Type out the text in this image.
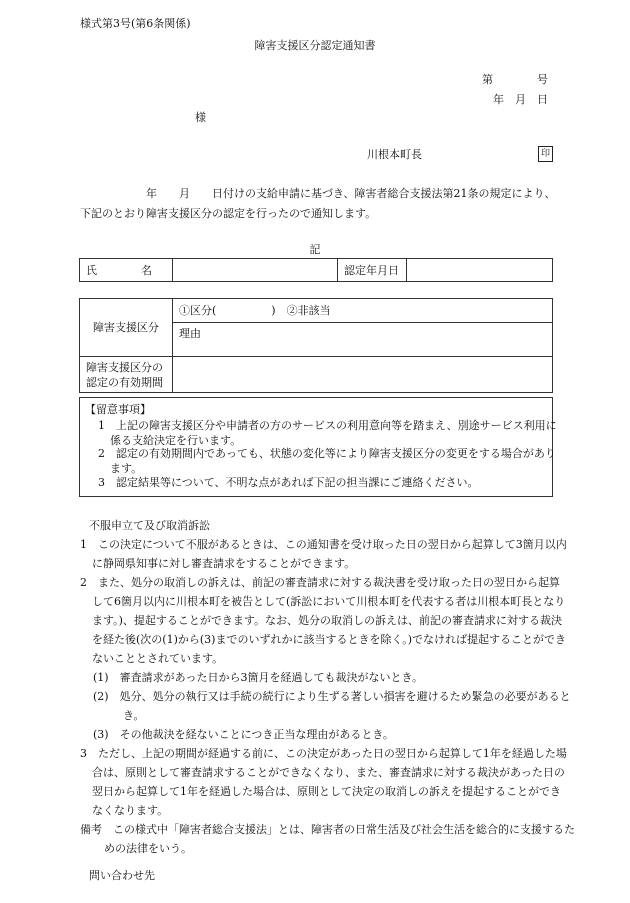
様式第3号(第6条関係)
障害支援区分認定通知書
第　　　　号
年　月　日
様
川根本町長	印
　　　　　　年　　月　　日付けの支給申請に基づき、障害者総合支援法第21条の規定により、下記のとおり障害支援区分の認定を行ったので通知します。
記
氏　　　　名		認定年月日	
障害支援区分	①区分(　　　　　)　②非該当
	理由

障害支援区分の
認定の有効期間	

【留意事項】
1　上記の障害支援区分や申請者の方のサービスの利用意向等を踏まえ、別途サービス利用に係る支給決定を行います。
2　認定の有効期間内であっても、状態の変化等により障害支援区分の変更をする場合があります。
3　認定結果等について、不明な点があれば下記の担当課にご連絡ください。
不服申立て及び取消訴訟
1　この決定について不服があるときは、この通知書を受け取った日の翌日から起算して3箇月以内に静岡県知事に対し審査請求をすることができます。
2　また、処分の取消しの訴えは、前記の審査請求に対する裁決書を受け取った日の翌日から起算して6箇月以内に川根本町を被告として(訴訟において川根本町を代表する者は川根本町長となります。)、提起することができます。なお、処分の取消しの訴えは、前記の審査請求に対する裁決を経た後(次の(1)から(3)までのいずれかに該当するときを除く。)でなければ提起することができないこととされています。
(1)　審査請求があった日から3箇月を経過しても裁決がないとき。
(2)　処分、処分の執行又は手続の続行により生ずる著しい損害を避けるため緊急の必要があるとき。
(3)　その他裁決を経ないことにつき正当な理由があるとき。
3　ただし、上記の期間が経過する前に、この決定があった日の翌日から起算して1年を経過した場合は、原則として審査請求することができなくなり、また、審査請求に対する裁決があった日の翌日から起算して1年を経過した場合は、原則として決定の取消しの訴えを提起することができなくなります。
備考　この様式中「障害者総合支援法」とは、障害者の日常生活及び社会生活を総合的に支援するための法律をいう。
問い合わせ先
